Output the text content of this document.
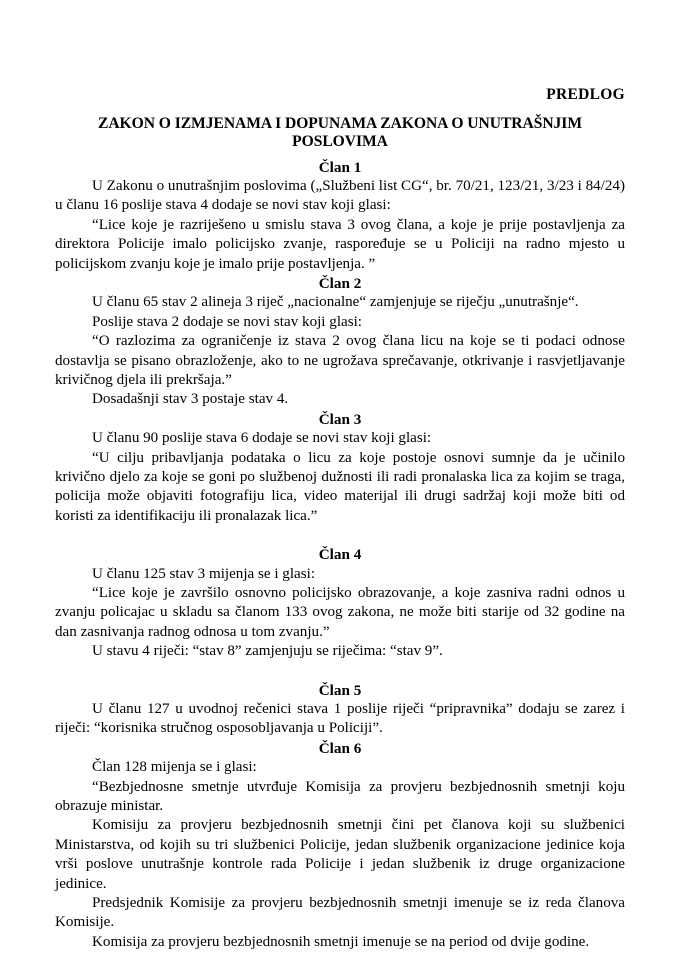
PREDLOG
ZAKON O IZMJENAMA I DOPUNAMA ZAKONA O UNUTRAŠNJIM POSLOVIMA
Član 1

U Zakonu o unutrašnjim poslovima („Službeni list CG“, br. 70/21, 123/21, 3/23 i 84/24) u članu 16 poslije stava 4 dodaje se novi stav koji glasi:

“Lice koje je razriješeno u smislu stava 3 ovog člana, a koje je prije postavljenja za direktora Policije imalo policijsko zvanje, raspoređuje se u Policiji na radno mjesto u policijskom zvanju koje je imalo prije postavljenja. ”

Član 2

U članu 65 stav 2 alineja 3 riječ „nacionalne“ zamjenjuje se riječju „unutrašnje“.

Poslije stava 2 dodaje se novi stav koji glasi:

“O razlozima za ograničenje iz stava 2 ovog člana licu na koje se ti podaci odnose dostavlja se pisano obrazloženje, ako to ne ugrožava sprečavanje, otkrivanje i rasvjetljavanje krivičnog djela ili prekršaja.”

Dosadašnji stav 3 postaje stav 4.

Član 3

U članu 90 poslije stava 6 dodaje se novi stav koji glasi:

“U cilju pribavljanja podataka o licu za koje postoje osnovi sumnje da je učinilo krivično djelo za koje se goni po službenoj dužnosti ili radi pronalaska lica za kojim se traga, policija može objaviti fotografiju lica, video materijal ili drugi sadržaj koji može biti od koristi za identifikaciju ili pronalazak lica.”

Član 4

U članu 125 stav 3 mijenja se i glasi:

“Lice koje je završilo osnovno policijsko obrazovanje, a koje zasniva radni odnos u zvanju policajac u skladu sa članom 133 ovog zakona, ne može biti starije od 32 godine na dan zasnivanja radnog odnosa u tom zvanju.”

U stavu 4 riječi: “stav 8” zamjenjuju se riječima: “stav 9”.

Član 5

U članu 127 u uvodnoj rečenici stava 1 poslije riječi “pripravnika” dodaju se zarez i riječi: “korisnika stručnog osposobljavanja u Policiji”.

Član 6

Član 128 mijenja se i glasi:

“Bezbjednosne smetnje utvrđuje Komisija za provjeru bezbjednosnih smetnji koju obrazuje ministar.

Komisiju za provjeru bezbjednosnih smetnji čini pet članova koji su službenici Ministarstva, od kojih su tri službenici Policije, jedan službenik organizacione jedinice koja vrši poslove unutrašnje kontrole rada Policije i jedan službenik iz druge organizacione jedinice.

Predsjednik Komisije za provjeru bezbjednosnih smetnji imenuje se iz reda članova Komisije.

Komisija za provjeru bezbjednosnih smetnji imenuje se na period od dvije godine.
